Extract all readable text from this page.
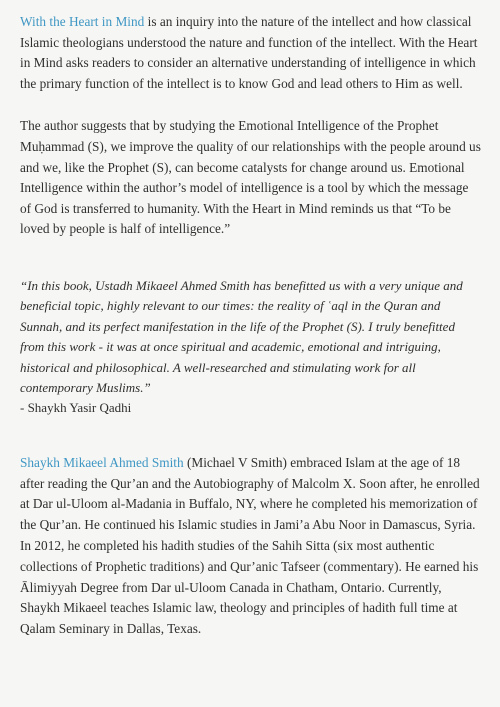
With the Heart in Mind is an inquiry into the nature of the intellect and how classical Islamic theologians understood the nature and function of the intellect. With the Heart in Mind asks readers to consider an alternative understanding of intelligence in which the primary function of the intellect is to know God and lead others to Him as well.

The author suggests that by studying the Emotional Intelligence of the Prophet Muḥammad (S), we improve the quality of our relationships with the people around us and we, like the Prophet (S), can become catalysts for change around us. Emotional Intelligence within the author’s model of intelligence is a tool by which the message of God is transferred to humanity. With the Heart in Mind reminds us that “To be loved by people is half of intelligence.”

“In this book, Ustadh Mikaeel Ahmed Smith has benefitted us with a very unique and beneficial topic, highly relevant to our times: the reality of ʿaql in the Quran and Sunnah, and its perfect manifestation in the life of the Prophet (S). I truly benefitted from this work - it was at once spiritual and academic, emotional and intriguing, historical and philosophical. A well-researched and stimulating work for all contemporary Muslims.”

- Shaykh Yasir Qadhi

Shaykh Mikaeel Ahmed Smith (Michael V Smith) embraced Islam at the age of 18 after reading the Qur’an and the Autobiography of Malcolm X. Soon after, he enrolled at Dar ul-Uloom al-Madania in Buffalo, NY, where he completed his memorization of the Qur’an. He continued his Islamic studies in Jami’a Abu Noor in Damascus, Syria. In 2012, he completed his hadith studies of the Sahih Sitta (six most authentic collections of Prophetic traditions) and Qur’anic Tafseer (commentary). He earned his Ālimiyyah Degree from Dar ul-Uloom Canada in Chatham, Ontario. Currently, Shaykh Mikaeel teaches Islamic law, theology and principles of hadith full time at Qalam Seminary in Dallas, Texas.
